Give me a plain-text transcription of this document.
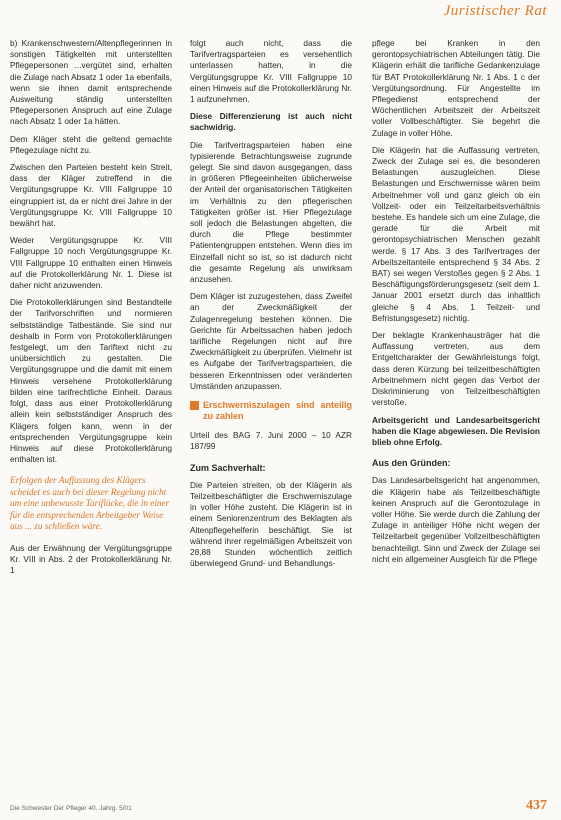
Juristischer Rat

b) Krankenschwestern/Altenpflegerinnen in sonstigen Tätigkeiten mit unterstellten Pflegepersonen ...vergütet sind, erhalten die Zulage nach Absatz 1 oder 1a ebenfalls, wenn sie ihnen damit entsprechende Ausweitung ständig unterstellten Pflegepersonen Anspruch auf eine Zulage nach Absatz 1 oder 1a hätten.

Dem Kläger steht die geltend gemachte Pflegezulage nicht zu.

Zwischen den Parteien besteht kein Streit, dass der Kläger zutreffend in die Vergütungsgruppe Kr. VIII Fallgruppe 10 eingruppiert ist, da er nicht drei Jahre in der Vergütungsgruppe Kr. VIII Fallgruppe 10 bewährt hat.

Weder Vergütungsgruppe Kr. VIII Fallgruppe 10 noch Vergütungsgruppe Kr. VIII Fallgruppe 10 enthalten einen Hinweis auf die Protokollerklärung Nr. 1. Diese ist daher nicht anzuwenden.

Die Protokollerklärungen sind Bestandteile der Tarifvorschriften und normieren selbstständige Tatbestände. Sie sind nur deshalb in Form von Protokollerklärungen festgelegt, um den Tariftext nicht zu unübersichtlich zu gestalten. Die Vergütungsgruppe und die damit mit einem Hinweis versehene Protokollerklärung bilden eine tarifrechtliche Einheit. Daraus folgt, dass aus einer Protokollerklärung allein kein selbstständiger Anspruch des Klägers folgen kann, wenn in der entsprechenden Vergütungsgruppe kein Hinweis auf diese Protokollerklärung enthalten ist.

Erfolgen der Auffassung des Klägers scheidet es auch bei dieser Regelung nicht um eine unbewusste Tariflücke, die in einer für die entsprechenden Arbeitgeber Weise aus ... zu schließen wäre.

Aus der Erwähnung der Vergütungsgruppe Kr. VIII in Abs. 2 der Protokollerklärung Nr. 1

folgt auch nicht, dass die Tarifvertragsparteien es versehentlich unterlassen hatten, in die Vergütungsgruppe Kr. VIII Fallgruppe 10 einen Hinweis auf die Protokollerklärung Nr. 1 aufzunehmen.

Diese Differenzierung ist auch nicht sachwidrig.

Die Tarifvertragsparteien haben eine typisierende Betrachtungsweise zugrunde gelegt. Sie sind davon ausgegangen, dass in größeren Pflegeeinheiten üblicherweise der Anteil der organisatorischen Tätigkeiten im Verhältnis zu den pflegerischen Tätigkeiten größer ist. Hier Pflegezulage soll jedoch die Belastungen abgelten, die durch die Pflege bestimmter Patientengruppen entstehen. Wenn dies im Einzelfall nicht so ist, so ist dadurch nicht die gesamte Regelung als unwirksam anzusehen.

Dem Kläger ist zuzugestehen, dass Zweifel an der Zweckmäßigkeit der Zulagenregelung bestehen können. Die Gerichte für Arbeitssachen haben jedoch tarifliche Regelungen nicht auf ihre Zweckmäßigkeit zu überprüfen. Vielmehr ist es Aufgabe der Tarifvertragsparteien, die besseren Erkenntnissen oder veränderten Umständen anzupassen.

Erschwerniszulagen sind anteilig zu zahlen

Urteil des BAG 7. Juni 2000 – 10 AZR 187/99

Zum Sachverhalt:

Die Parteien streiten, ob der Klägerin als Teilzeitbeschäftigter die Erschwerniszulage in voller Höhe zusteht. Die Klägerin ist in einem Seniorenzentrum des Beklagten als Altenpflegehelferin beschäftigt. Sie ist während ihrer regelmäßigen Arbeitszeit von 28,88 Stunden wöchentlich zeitlich überwiegend Grund- und Behandlungs-

pflege bei Kranken in den gerontopsychiatrischen Abteilungen tätig. Die Klägerin erhält die tarifliche Gedankenzulage für BAT Protokollerklärung Nr. 1 Abs. 1 c der Vergütungsordnung. Für Angestellte im Pflegedienst entsprechend der Wöchentlichen Arbeitszeit der Arbeitszeit voller Vollbeschäftigter. Sie begehrt die Zulage in voller Höhe.

Die Klägerin hat die Auffassung vertreten, Zweck der Zulage sei es, die besonderen Belastungen auszugleichen. Diese Belastungen und Erschwernisse wären beim Arbeitnehmer voll und ganz gleich ob ein Vollzeit- oder ein Teilzeitarbeitsverhältnis bestehe. Es handele sich um eine Zulage, die gerade für die Arbeit mit gerontopsychiatrischen Menschen gezahlt werde. § 17 Abs. 3 des Tarifvertrages der Arbeitszeitanteile entsprechend § 34 Abs. 2 BAT) sei wegen Verstoßes gegen § 2 Abs. 1 Beschäftigungsförderungsgesetz (seit dem 1. Januar 2001 ersetzt durch das inhaltlich gleiche § 4 Abs. 1 Teilzeit- und Befristungsgesetz) nichtig.

Der beklagte Krankenhausträger hat die Auffassung vertreten, aus dem Entgeltcharakter der Gewährleistungs folgt, dass deren Kürzung bei teilzeitbeschäftigten Arbeitnehmern nicht gegen das Verbot der Diskriminierung von Teilzeitbeschäftigten verstoße.

Arbeitsgericht und Landesarbeitsgericht haben die Klage abgewiesen. Die Revision blieb ohne Erfolg.

Aus den Gründen:

Das Landesarbeitsgericht hat angenommen, die Klägerin habe als Teilzeitbeschäftigte keinen Anspruch auf die Gerontozulage in voller Höhe. Sie werde durch die Zahlung der Zulage in anteiliger Höhe nicht wegen der Teilzeitarbeit gegenüber Vollzeitbeschäftigten benachteiligt. Sinn und Zweck der Zulage sei nicht ein allgemeiner Ausgleich für die Pflege

Die Schwester Der Pfleger 40. Jahrg. 5/01	437
